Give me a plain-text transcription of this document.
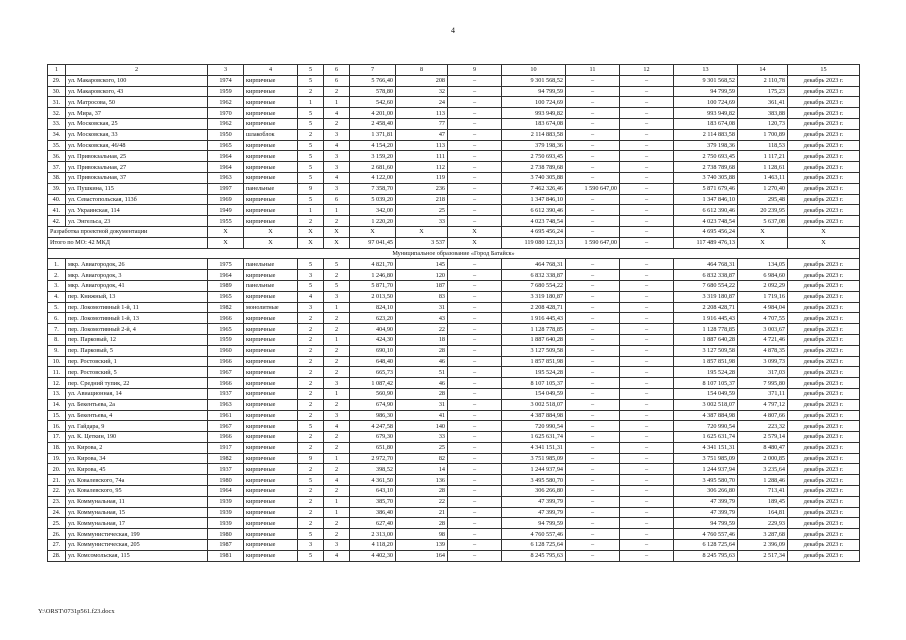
4
1	2	3	4	5	6	7	8	9	10	11	12	13	14	15
29.	ул. Макаровского, 100	1974	кирпичные	5	6	5 766,40	208	–	9 301 568,52	–	–	9 301 568,52	2 110,78	декабрь 2023 г.
30.	ул. Макаровского, 43	1959	кирпичные	2	2	578,80	32	–	94 799,59	–	–	94 799,59	175,23	декабрь 2023 г.
31.	ул. Матросова, 50	1962	кирпичные	1	1	542,60	24	–	100 724,69	–	–	100 724,69	361,41	декабрь 2023 г.
32.	ул. Мира, 37	1970	кирпичные	5	4	4 201,00	113	–	993 949,82	–	–	993 949,82	383,88	декабрь 2023 г.
33.	ул. Московская, 25	1962	кирпичные	5	2	2 458,40	77	–	183 674,08	–	–	183 674,08	120,73	декабрь 2023 г.
34.	ул. Московская, 33	1950	шлакоблок	2	3	1 371,81	47	–	2 114 883,58	–	–	2 114 883,58	1 700,89	декабрь 2023 г.
35.	ул. Московская, 46/48	1965	кирпичные	5	4	4 154,20	113	–	379 198,36	–	–	379 198,36	118,53	декабрь 2023 г.
36.	ул. Привокзальная, 25	1964	кирпичные	5	3	3 159,20	111	–	2 750 693,45	–	–	2 750 693,45	1 117,21	декабрь 2023 г.
37.	ул. Привокзальная, 27	1964	кирпичные	5	3	2 681,60	112	–	2 738 789,68	–	–	2 738 789,68	1 128,61	декабрь 2023 г.
38.	ул. Привокзальная, 37	1963	кирпичные	5	4	4 122,00	119	–	3 740 305,88	–	–	3 740 305,88	1 463,11	декабрь 2023 г.
39.	ул. Пушкина, 115	1997	панельные	9	3	7 358,70	236	–	7 462 326,46	1 590 647,00	–	5 871 679,46	1 270,40	декабрь 2023 г.
40.	ул. Севастопольская, 113б	1969	кирпичные	5	6	5 039,20	218	–	1 347 846,10	–	–	1 347 846,10	295,48	декабрь 2023 г.
41.	ул. Украинская, 114	1949	кирпичные	1	1	342,00	25	–	6 612 390,46	–	–	6 612 390,46	20 239,95	декабрь 2023 г.
42.	ул. Энгельса, 23	1955	кирпичные	2	2	1 220,20	33	–	4 023 748,54	–	–	4 023 748,54	5 637,08	декабрь 2023 г.
Разработка проектной документации		X	X	X	X	X	X	X	4 695 456,24	–	–	4 695 456,24	X	X
Итого по МО: 42 МКД		X	X	X	X	97 041,45	3 537	X	119 080 123,13	1 590 647,00	–	117 489 476,13	X	X
Муниципальное образование «Город Батайск»														
1.	мкр. Авиагородок, 26	1975	панельные	5	5	4 821,70	145	–	464 768,31	–	–	464 768,31	134,05	декабрь 2023 г.
2.	мкр. Авиагородок, 3	1964	кирпичные	3	2	1 246,80	120	–	6 832 338,87	–	–	6 832 338,87	6 984,60	декабрь 2023 г.
3.	мкр. Авиагородок, 41	1989	панельные	5	5	5 871,70	187	–	7 680 554,22	–	–	7 680 554,22	2 092,29	декабрь 2023 г.
4.	пер. Книжный, 13	1965	кирпичные	4	3	2 013,50	83	–	3 319 180,87	–	–	3 319 180,87	1 719,16	декабрь 2023 г.
5.	пер. Локомотивный 1-й, 11	1982	монолитные	3	1	824,10	31	–	2 208 428,71	–	–	2 208 428,71	4 984,04	декабрь 2023 г.
6.	пер. Локомотивный 1-й, 13	1966	кирпичные	2	2	623,20	43	–	1 916 445,43	–	–	1 916 445,43	4 707,55	декабрь 2023 г.
7.	пер. Локомотивный 2-й, 4	1965	кирпичные	2	2	404,90	22	–	1 128 778,85	–	–	1 128 778,85	3 003,67	декабрь 2023 г.
8.	пер. Парковый, 12	1959	кирпичные	2	1	424,30	18	–	1 887 640,28	–	–	1 887 640,28	4 721,46	декабрь 2023 г.
9.	пер. Парковый, 5	1960	кирпичные	2	2	690,10	28	–	3 127 509,58	–	–	3 127 509,58	4 878,35	декабрь 2023 г.
10.	пер. Ростовский, 1	1966	кирпичные	2	2	648,40	46	–	1 857 851,98	–	–	1 857 851,98	3 099,73	декабрь 2023 г.
11.	пер. Ростовский, 5	1967	кирпичные	2	2	665,73	51	–	195 524,28	–	–	195 524,28	317,03	декабрь 2023 г.
12.	пер. Средний тупик, 22	1966	кирпичные	2	3	1 087,42	46	–	8 107 105,37	–	–	8 107 105,37	7 995,80	декабрь 2023 г.
13.	ул. Авиационная, 14	1937	кирпичные	2	1	560,90	28	–	154 049,59	–	–	154 049,59	371,11	декабрь 2023 г.
14.	ул. Бекентьева, 2а	1963	кирпичные	2	2	674,90	31	–	3 002 518,07	–	–	3 002 518,07	4 797,12	декабрь 2023 г.
15.	ул. Бекентьева, 4	1961	кирпичные	2	3	986,30	41	–	4 387 884,98	–	–	4 387 884,98	4 807,66	декабрь 2023 г.
16.	ул. Гайдара, 9	1967	кирпичные	5	4	4 247,58	140	–	720 990,54	–	–	720 990,54	223,32	декабрь 2023 г.
17.	ул. К. Цеткин, 190	1966	кирпичные	2	2	679,30	33	–	1 625 631,74	–	–	1 625 631,74	2 579,14	декабрь 2023 г.
18.	ул. Кирова, 2	1917	кирпичные	2	2	651,80	25	–	4 341 151,31	–	–	4 341 151,31	8 480,47	декабрь 2023 г.
19.	ул. Кирова, 34	1982	кирпичные	9	1	2 972,70	82	–	3 751 985,09	–	–	3 751 985,09	2 000,85	декабрь 2023 г.
20.	ул. Кирова, 45	1937	кирпичные	2	2	398,52	14	–	1 244 937,94	–	–	1 244 937,94	3 235,64	декабрь 2023 г.
21.	ул. Ковалевского, 74а	1980	кирпичные	5	4	4 361,50	136	–	3 495 580,70	–	–	3 495 580,70	1 288,46	декабрь 2023 г.
22.	ул. Ковалевского, 95	1964	кирпичные	2	2	643,10	28	–	306 266,80	–	–	306 266,80	713,41	декабрь 2023 г.
23.	ул. Коммунальная, 11	1939	кирпичные	2	1	385,70	22	–	47 399,79	–	–	47 399,79	189,45	декабрь 2023 г.
24.	ул. Коммунальная, 15	1939	кирпичные	2	1	386,40	21	–	47 399,79	–	–	47 399,79	164,81	декабрь 2023 г.
25.	ул. Коммунальная, 17	1939	кирпичные	2	2	627,40	28	–	94 799,59	–	–	94 799,59	229,93	декабрь 2023 г.
26.	ул. Коммунистическая, 199	1980	кирпичные	5	2	2 313,00	98	–	4 760 557,46	–	–	4 760 557,46	3 287,68	декабрь 2023 г.
27.	ул. Коммунистическая, 205	1987	кирпичные	3	3	4 118,20	139	–	6 128 725,64	–	–	6 128 725,64	2 396,09	декабрь 2023 г.
28.	ул. Комсомольская, 115	1981	кирпичные	5	4	4 402,30	164	–	8 245 795,63	–	–	8 245 795,63	2 517,34	декабрь 2023 г.
Y:\ORST\0731p561.f23.docx
